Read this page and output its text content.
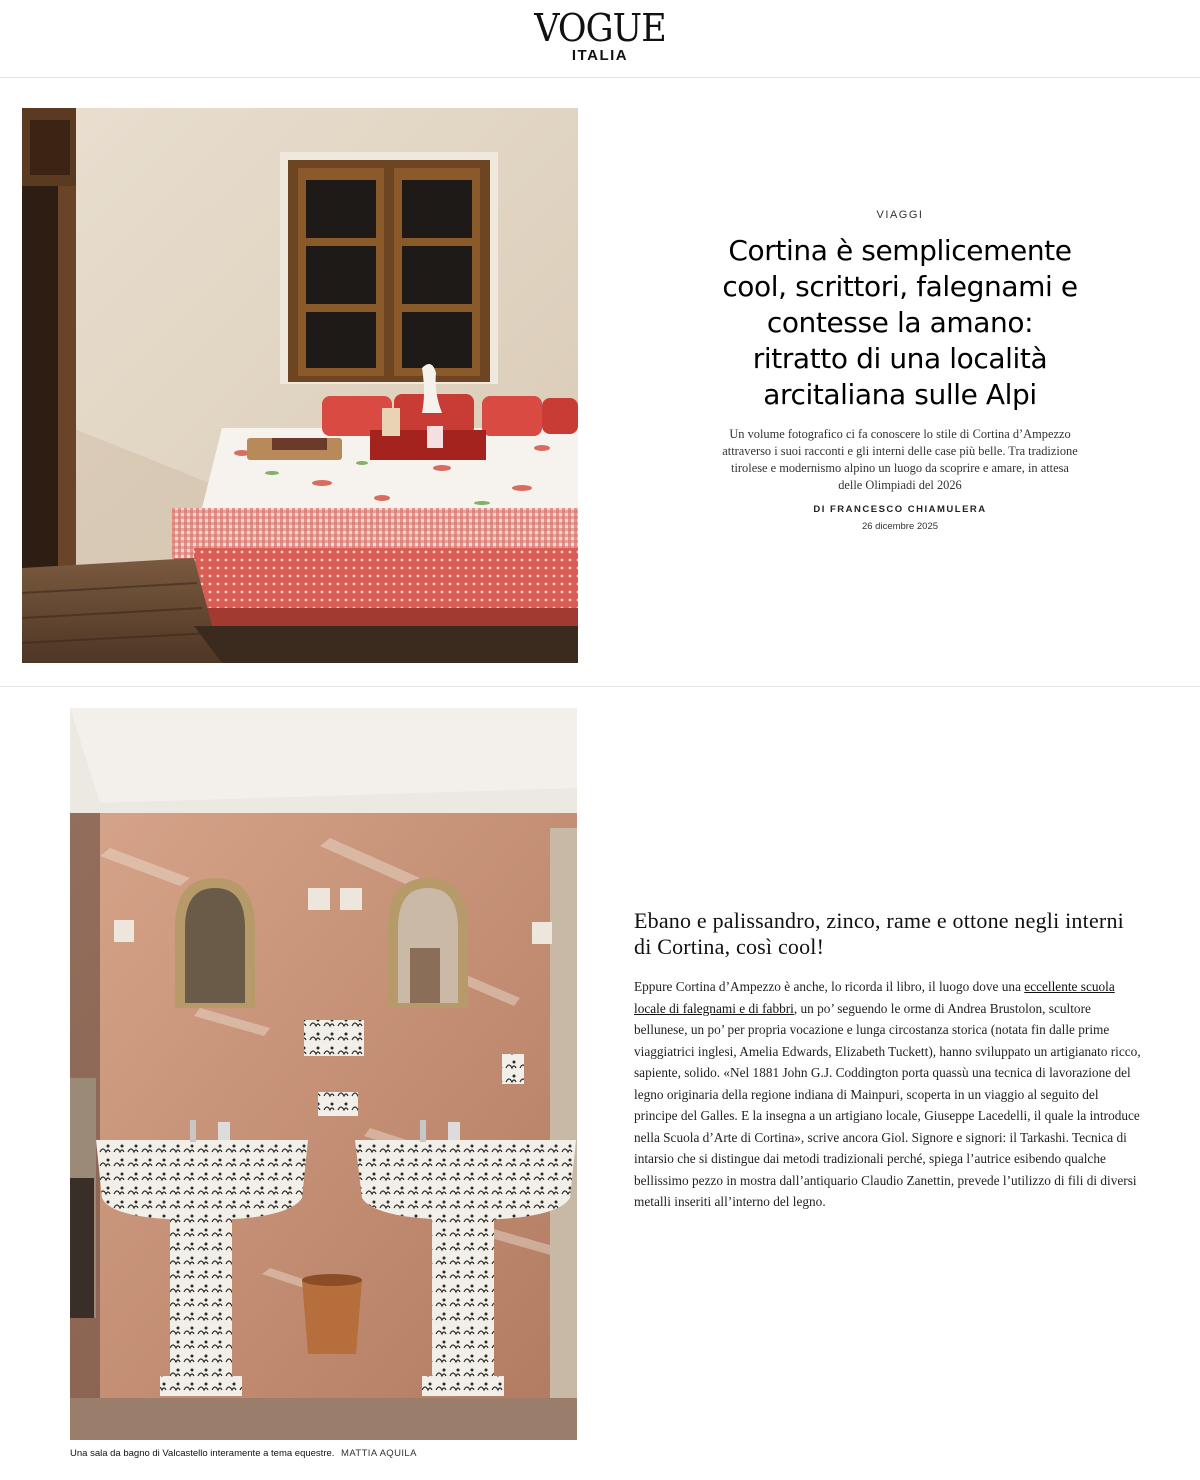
VOGUE
ITALIA
VIAGGI
Cortina è semplicemente cool, scrittori, falegnami e contesse la amano: ritratto di una località arcitaliana sulle Alpi

Un volume fotografico ci fa conoscere lo stile di Cortina d’Ampezzo attraverso i suoi racconti e gli interni delle case più belle. Tra tradizione tirolese e modernismo alpino un luogo da scoprire e amare, in attesa delle Olimpiadi del 2026

DI FRANCESCO CHIAMULERA
26 dicembre 2025
Una sala da bagno di Valcastello interamente a tema equestre. MATTIA AQUILA
Ebano e palissandro, zinco, rame e ottone negli interni di Cortina, così cool!

Eppure Cortina d’Ampezzo è anche, lo ricorda il libro, il luogo dove una eccellente scuola locale di falegnami e di fabbri, un po’ seguendo le orme di Andrea Brustolon, scultore bellunese, un po’ per propria vocazione e lunga circostanza storica (notata fin dalle prime viaggiatrici inglesi, Amelia Edwards, Elizabeth Tuckett), hanno sviluppato un artigianato ricco, sapiente, solido. «Nel 1881 John G.J. Coddington porta quassù una tecnica di lavorazione del legno originaria della regione indiana di Mainpuri, scoperta in un viaggio al seguito del principe del Galles. E la insegna a un artigiano locale, Giuseppe Lacedelli, il quale la introduce nella Scuola d’Arte di Cortina», scrive ancora Giol. Signore e signori: il Tarkashi. Tecnica di intarsio che si distingue dai metodi tradizionali perché, spiega l’autrice esibendo qualche bellissimo pezzo in mostra dall’antiquario Claudio Zanettin, prevede l’utilizzo di fili di diversi metalli inseriti all’interno del legno.
